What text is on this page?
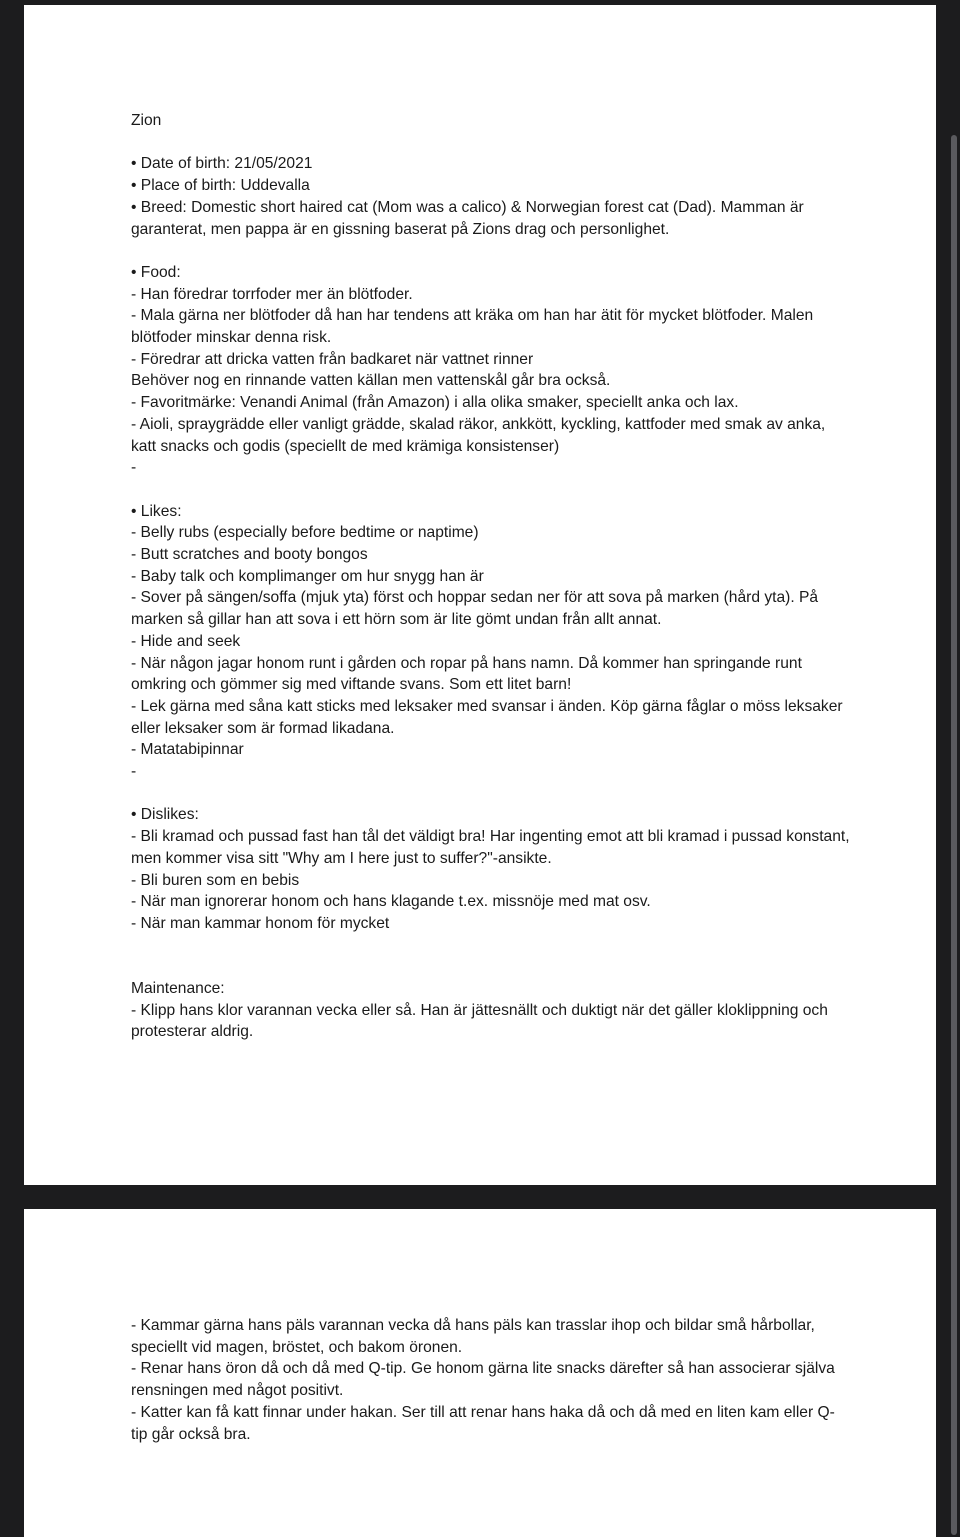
Zion
• Date of birth: 21/05/2021
• Place of birth: Uddevalla
• Breed: Domestic short haired cat (Mom was a calico) & Norwegian forest cat (Dad). Mamman är garanterat, men pappa är en gissning baserat på Zions drag och personlighet.
• Food:
- Han föredrar torrfoder mer än blötfoder.
- Mala gärna ner blötfoder då han har tendens att kräka om han har ätit för mycket blötfoder. Malen blötfoder minskar denna risk.
- Föredrar att dricka vatten från badkaret när vattnet rinner
Behöver nog en rinnande vatten källan men vattenskål går bra också.
- Favoritmärke: Venandi Animal (från Amazon) i alla olika smaker, speciellt anka och lax.
- Aioli, spraygrädde eller vanligt grädde, skalad räkor, ankkött, kyckling, kattfoder med smak av anka, katt snacks och godis (speciellt de med krämiga konsistenser)
-
• Likes:
- Belly rubs (especially before bedtime or naptime)
- Butt scratches and booty bongos
- Baby talk och komplimanger om hur snygg han är
- Sover på sängen/soffa (mjuk yta) först och hoppar sedan ner för att sova på marken (hård yta). På marken så gillar han att sova i ett hörn som är lite gömt undan från allt annat.
- Hide and seek
- När någon jagar honom runt i gården och ropar på hans namn. Då kommer han springande runt omkring och gömmer sig med viftande svans. Som ett litet barn!
- Lek gärna med såna katt sticks med leksaker med svansar i änden. Köp gärna fåglar o möss leksaker eller leksaker som är formad likadana.
- Matatabipinnar
-
• Dislikes:
- Bli kramad och pussad fast han tål det väldigt bra! Har ingenting emot att bli kramad i pussad konstant, men kommer visa sitt "Why am I here just to suffer?"-ansikte.
- Bli buren som en bebis
- När man ignorerar honom och hans klagande t.ex. missnöje med mat osv.
- När man kammar honom för mycket
Maintenance:
- Klipp hans klor varannan vecka eller så. Han är jättesnällt och duktigt när det gäller kloklippning och protesterar aldrig.
- Kammar gärna hans päls varannan vecka då hans päls kan trasslar ihop och bildar små hårbollar, speciellt vid magen, bröstet, och bakom öronen.
- Renar hans öron då och då med Q-tip. Ge honom gärna lite snacks därefter så han associerar själva rensningen med något positivt.
- Katter kan få katt finnar under hakan. Ser till att renar hans haka då och då med en liten kam eller Q-tip går också bra.
